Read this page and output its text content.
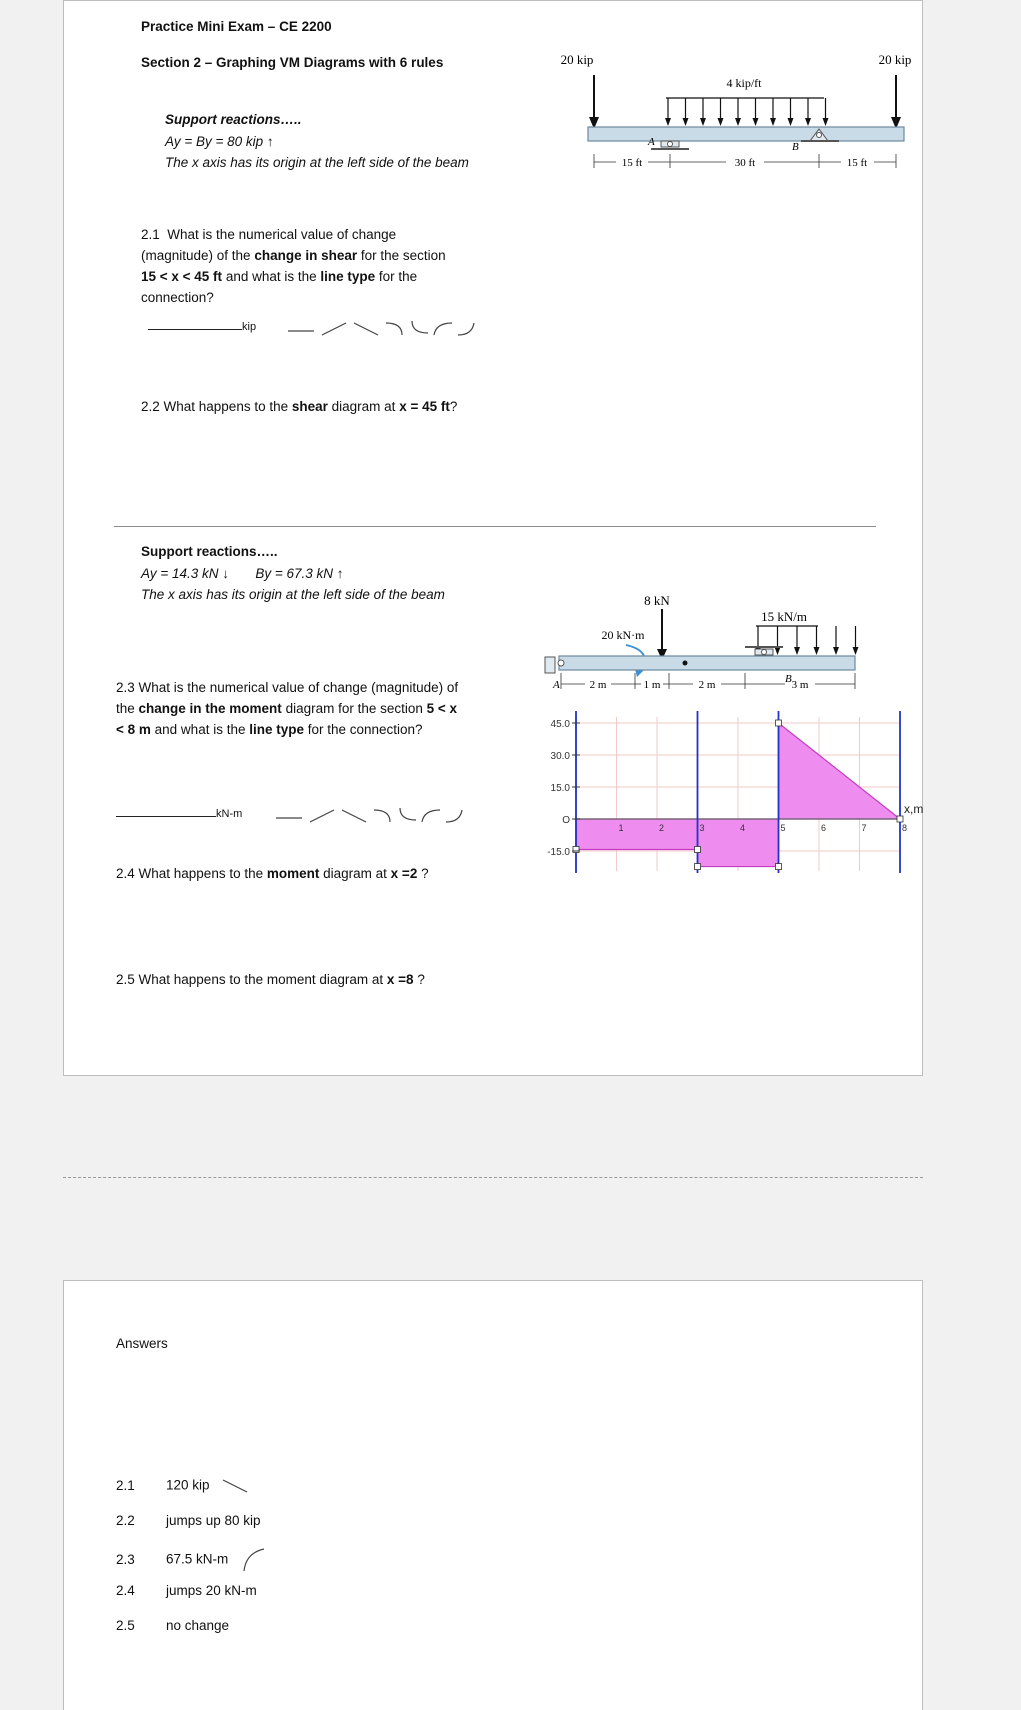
Practice Mini Exam – CE 2200
Section 2 – Graphing VM Diagrams with 6 rules
Support reactions…..
Ay = By = 80 kip ↑
The x axis has its origin at the left side of the beam
20 kip	20 kip
4 kip/ft
A	B
15 ft	30 ft	15 ft
2.1 What is the numerical value of change
(magnitude) of the change in shear for the section
15 < x < 45 ft and what is the line type for the
connection?
kip
2.2 What happens to the shear diagram at x = 45 ft?
Support reactions…..
Ay = 14.3 kN ↓ By = 67.3 kN ↑
The x axis has its origin at the left side of the beam	8 kN
15 kN/m
20 kN·m
A	B
2 m	1 m	2 m	3 m
2.3 What is the numerical value of change (magnitude) of
the change in the moment diagram for the section 5 < x
< 8 m and what is the line type for the connection?
kN-m
45.0
30.0
15.0
O
-15.0
1	2	3	4	5	6	7	8
x,m
2.4 What happens to the moment diagram at x =2 ?
2.5 What happens to the moment diagram at x =8 ?
Answers
2.1 120 kip
2.2 jumps up 80 kip
2.3 67.5 kN-m
2.4 jumps 20 kN-m
2.5 no change
